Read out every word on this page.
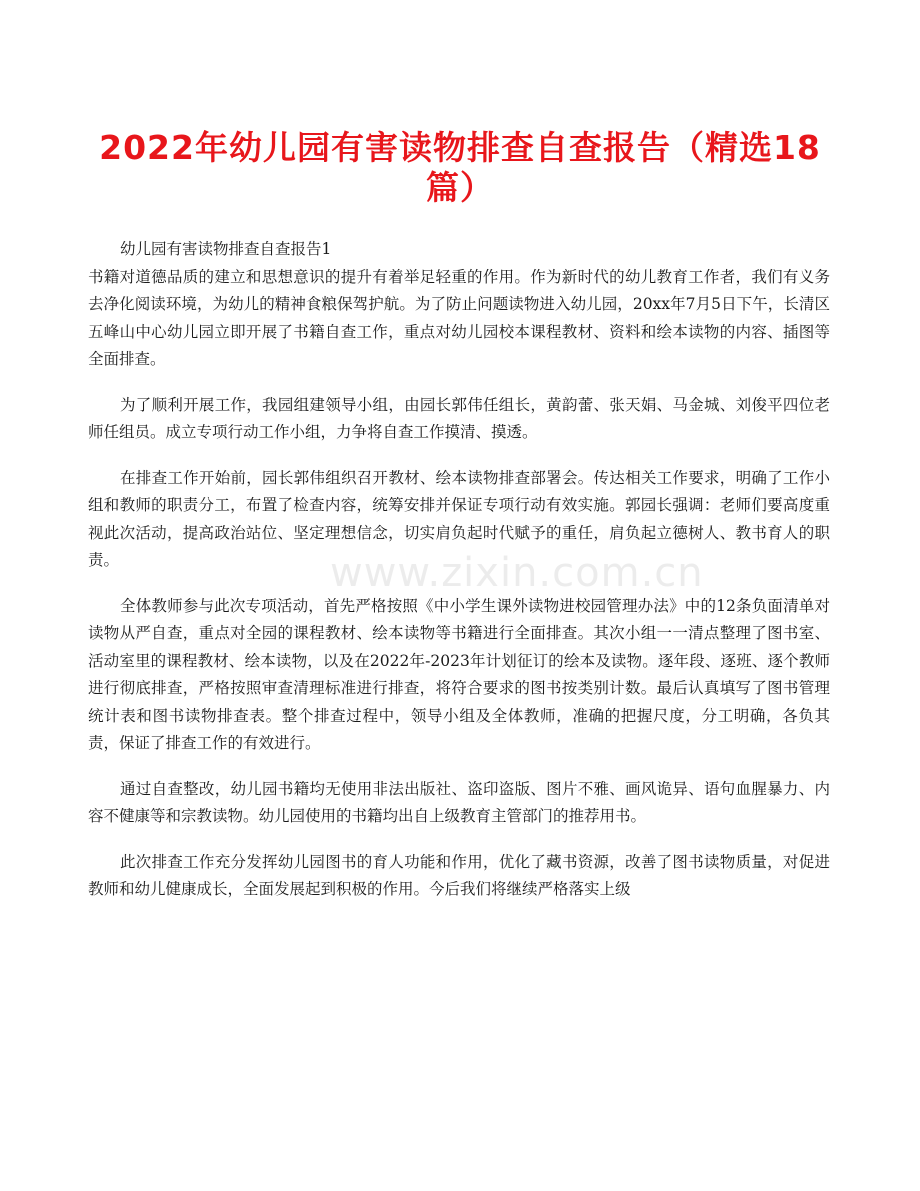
www.zixin.com.cn
2022年幼儿园有害读物排查自查报告（精选18篇）

幼儿园有害读物排查自查报告1

书籍对道德品质的建立和思想意识的提升有着举足轻重的作用。作为新时代的幼儿教育工作者，我们有义务去净化阅读环境，为幼儿的精神食粮保驾护航。为了防止问题读物进入幼儿园，20xx年7月5日下午，长清区五峰山中心幼儿园立即开展了书籍自查工作，重点对幼儿园校本课程教材、资料和绘本读物的内容、插图等全面排查。

为了顺利开展工作，我园组建领导小组，由园长郭伟任组长，黄韵蕾、张天娟、马金城、刘俊平四位老师任组员。成立专项行动工作小组，力争将自查工作摸清、摸透。

在排查工作开始前，园长郭伟组织召开教材、绘本读物排查部署会。传达相关工作要求，明确了工作小组和教师的职责分工，布置了检查内容，统筹安排并保证专项行动有效实施。郭园长强调：老师们要高度重视此次活动，提高政治站位、坚定理想信念，切实肩负起时代赋予的重任，肩负起立德树人、教书育人的职责。

全体教师参与此次专项活动，首先严格按照《中小学生课外读物进校园管理办法》中的12条负面清单对读物从严自查，重点对全园的课程教材、绘本读物等书籍进行全面排查。其次小组一一清点整理了图书室、活动室里的课程教材、绘本读物，以及在2022年-2023年计划征订的绘本及读物。逐年段、逐班、逐个教师进行彻底排查，严格按照审查清理标准进行排查，将符合要求的图书按类别计数。最后认真填写了图书管理统计表和图书读物排查表。整个排查过程中，领导小组及全体教师，准确的把握尺度，分工明确，各负其责，保证了排查工作的有效进行。

通过自查整改，幼儿园书籍均无使用非法出版社、盗印盗版、图片不雅、画风诡异、语句血腥暴力、内容不健康等和宗教读物。幼儿园使用的书籍均出自上级教育主管部门的推荐用书。

此次排查工作充分发挥幼儿园图书的育人功能和作用，优化了藏书资源，改善了图书读物质量，对促进教师和幼儿健康成长，全面发展起到积极的作用。今后我们将继续严格落实上级
